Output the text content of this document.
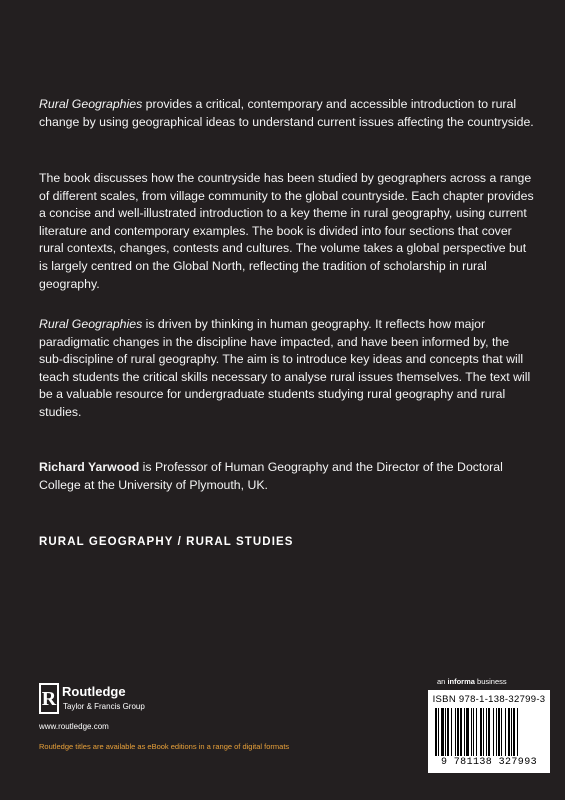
Rural Geographies provides a critical, contemporary and accessible introduction to rural change by using geographical ideas to understand current issues affecting the countryside.

The book discusses how the countryside has been studied by geographers across a range of different scales, from village community to the global countryside. Each chapter provides a concise and well-illustrated introduction to a key theme in rural geography, using current literature and contemporary examples. The book is divided into four sections that cover rural contexts, changes, contests and cultures. The volume takes a global perspective but is largely centred on the Global North, reflecting the tradition of scholarship in rural geography.

Rural Geographies is driven by thinking in human geography. It reflects how major paradigmatic changes in the discipline have impacted, and have been informed by, the sub-discipline of rural geography. The aim is to introduce key ideas and concepts that will teach students the critical skills necessary to analyse rural issues themselves. The text will be a valuable resource for undergraduate students studying rural geography and rural studies.

Richard Yarwood is Professor of Human Geography and the Director of the Doctoral College at the University of Plymouth, UK.

RURAL GEOGRAPHY / RURAL STUDIES
an informa business
ISBN 978-1-138-32799-3
9 781138 327993
R Routledge
Taylor & Francis Group
www.routledge.com
Routledge titles are available as eBook editions in a range of digital formats
